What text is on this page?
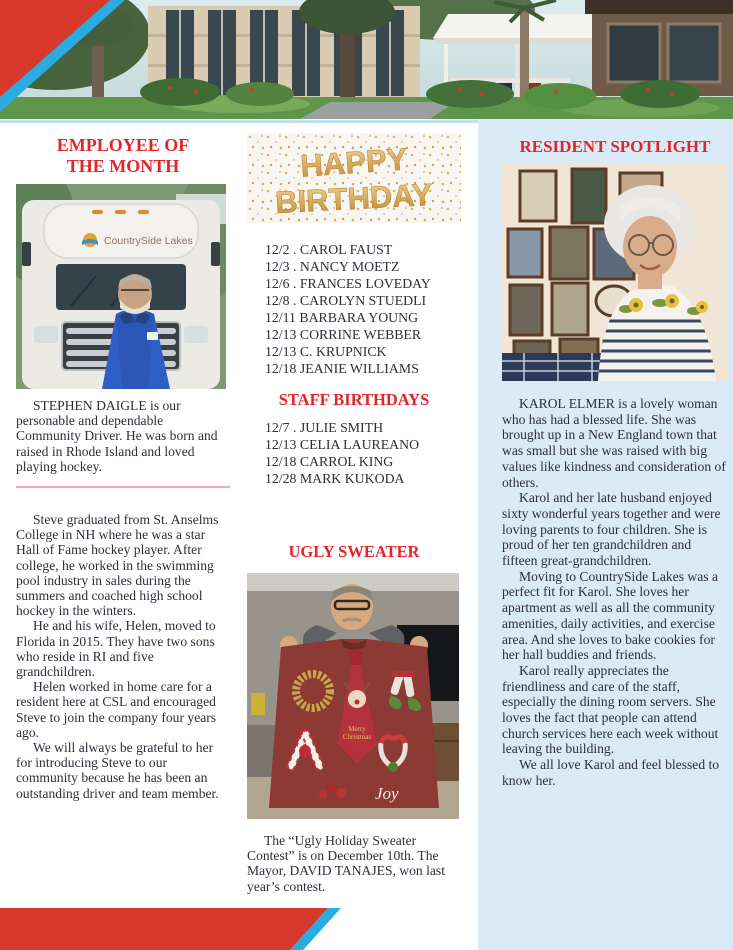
EMPLOYEE OF
THE MONTH
CountrySide Lakes

STEPHEN DAIGLE is our personable and dependable Community Driver. He was born and raised in Rhode Island and loved playing hockey.

Steve graduated from St. Anselms College in NH where he was a star Hall of Fame hockey player. After college, he worked in the swimming pool industry in sales during the summers and coached high school hockey in the winters.

He and his wife, Helen, moved to Florida in 2015. They have two sons who reside in RI and five grandchildren.

Helen worked in home care for a resident here at CSL and encouraged Steve to join the company four years ago.

We will always be grateful to her for introducing Steve to our community because he has been an outstanding driver and team member.

HAPPY
BIRTHDAY
12/2 . CAROL FAUST
12/3 . NANCY MOETZ
12/6 . FRANCES LOVEDAY
12/8 . CAROLYN STUEDLI
12/11 BARBARA YOUNG
12/13 CORRINE WEBBER
12/13 C. KRUPNICK
12/18 JEANIE WILLIAMS
STAFF BIRTHDAYS
12/7 . JULIE SMITH
12/13 CELIA LAUREANO
12/18 CARROL KING
12/28 MARK KUKODA
UGLY SWEATER
Merry
Christmas
Joy

The “Ugly Holiday Sweater Contest” is on December 10th. The Mayor, DAVID TANAJES, won last year’s contest.

RESIDENT SPOTLIGHT

KAROL ELMER is a lovely woman who has had a blessed life. She was brought up in a New England town that was small but she was raised with big values like kindness and consideration of others.

Karol and her late husband enjoyed sixty wonderful years together and were loving parents to four children. She is proud of her ten grandchildren and fifteen great-grandchildren.

Moving to CountrySide Lakes was a perfect fit for Karol. She loves her apartment as well as all the community amenities, daily activities, and exercise area. And she loves to bake cookies for her hall buddies and friends.

Karol really appreciates the friendliness and care of the staff, especially the dining room servers. She loves the fact that people can attend church services here each week without leaving the building.

We all love Karol and feel blessed to know her.
